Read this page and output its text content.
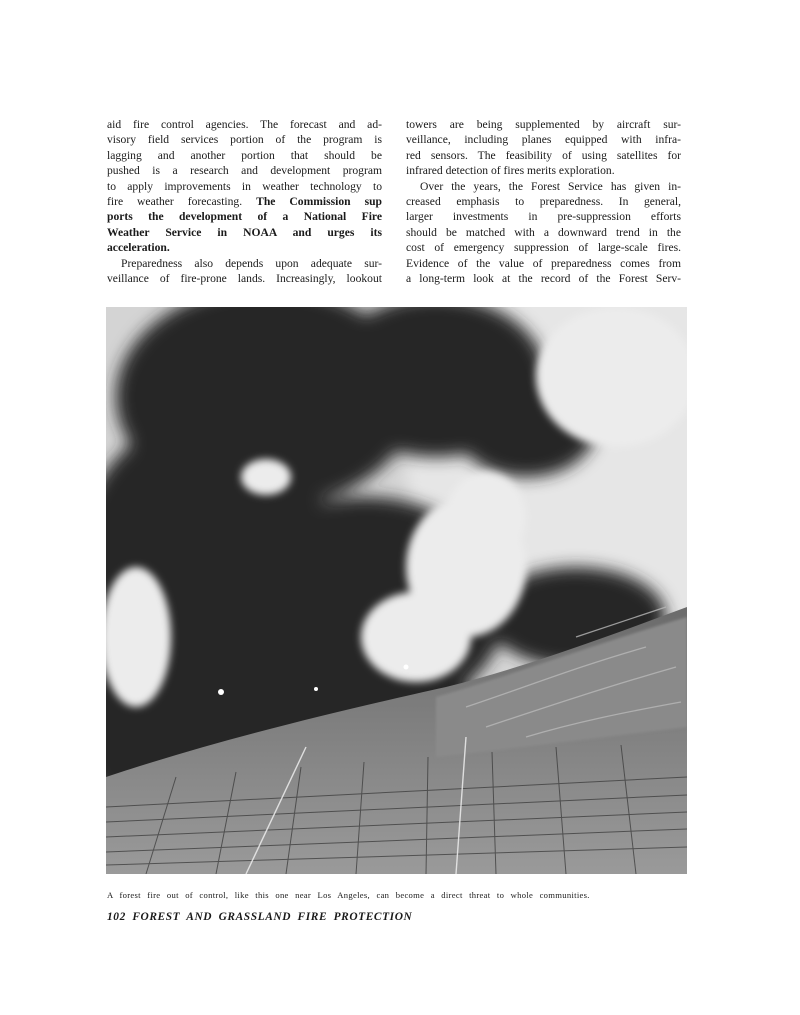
aid fire control agencies. The forecast and ad-
visory field services portion of the program is
lagging and another portion that should be
pushed is a research and development program
to apply improvements in weather technology to
fire weather forecasting. The Commission sup
ports the development of a National Fire
Weather Service in NOAA and urges its
acceleration.
Preparedness also depends upon adequate sur-
veillance of fire-prone lands. Increasingly, lookout
towers are being supplemented by aircraft sur-
veillance, including planes equipped with infra-
red sensors. The feasibility of using satellites for
infrared detection of fires merits exploration.
Over the years, the Forest Service has given in-
creased emphasis to preparedness. In general,
larger investments in pre-suppression efforts
should be matched with a downward trend in the
cost of emergency suppression of large-scale fires.
Evidence of the value of preparedness comes from
a long-term look at the record of the Forest Serv-
A forest fire out of control, like this one near Los Angeles, can become a direct threat to whole communities.
102 FOREST AND GRASSLAND FIRE PROTECTION
